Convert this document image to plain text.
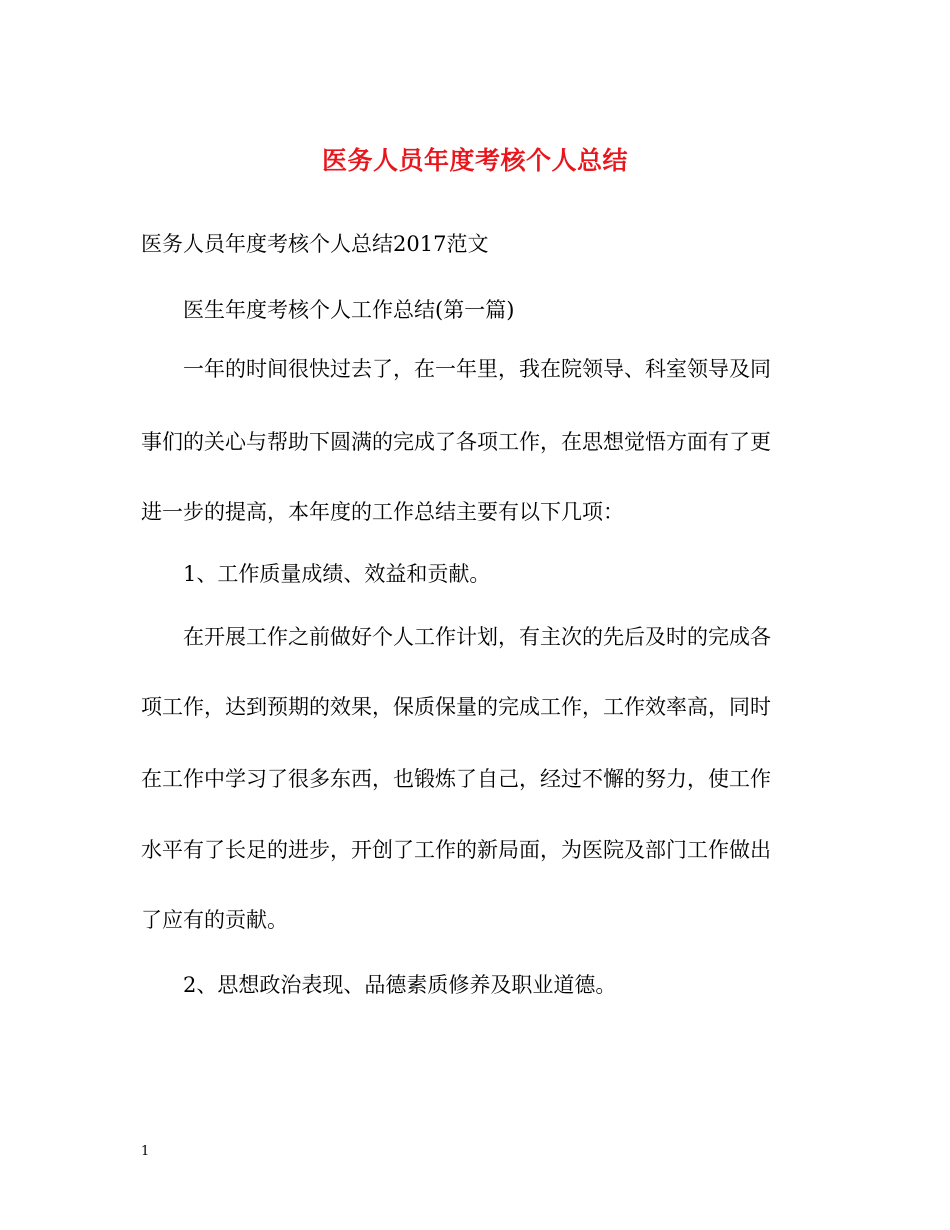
医务人员年度考核个人总结

医务人员年度考核个人总结2017范文

医生年度考核个人工作总结(第一篇)

一年的时间很快过去了，在一年里，我在院领导、科室领导及同

事们的关心与帮助下圆满的完成了各项工作，在思想觉悟方面有了更

进一步的提高，本年度的工作总结主要有以下几项：

1、工作质量成绩、效益和贡献。

在开展工作之前做好个人工作计划，有主次的先后及时的完成各

项工作，达到预期的效果，保质保量的完成工作，工作效率高，同时

在工作中学习了很多东西，也锻炼了自己，经过不懈的努力，使工作

水平有了长足的进步，开创了工作的新局面，为医院及部门工作做出

了应有的贡献。

2、思想政治表现、品德素质修养及职业道德。

1
